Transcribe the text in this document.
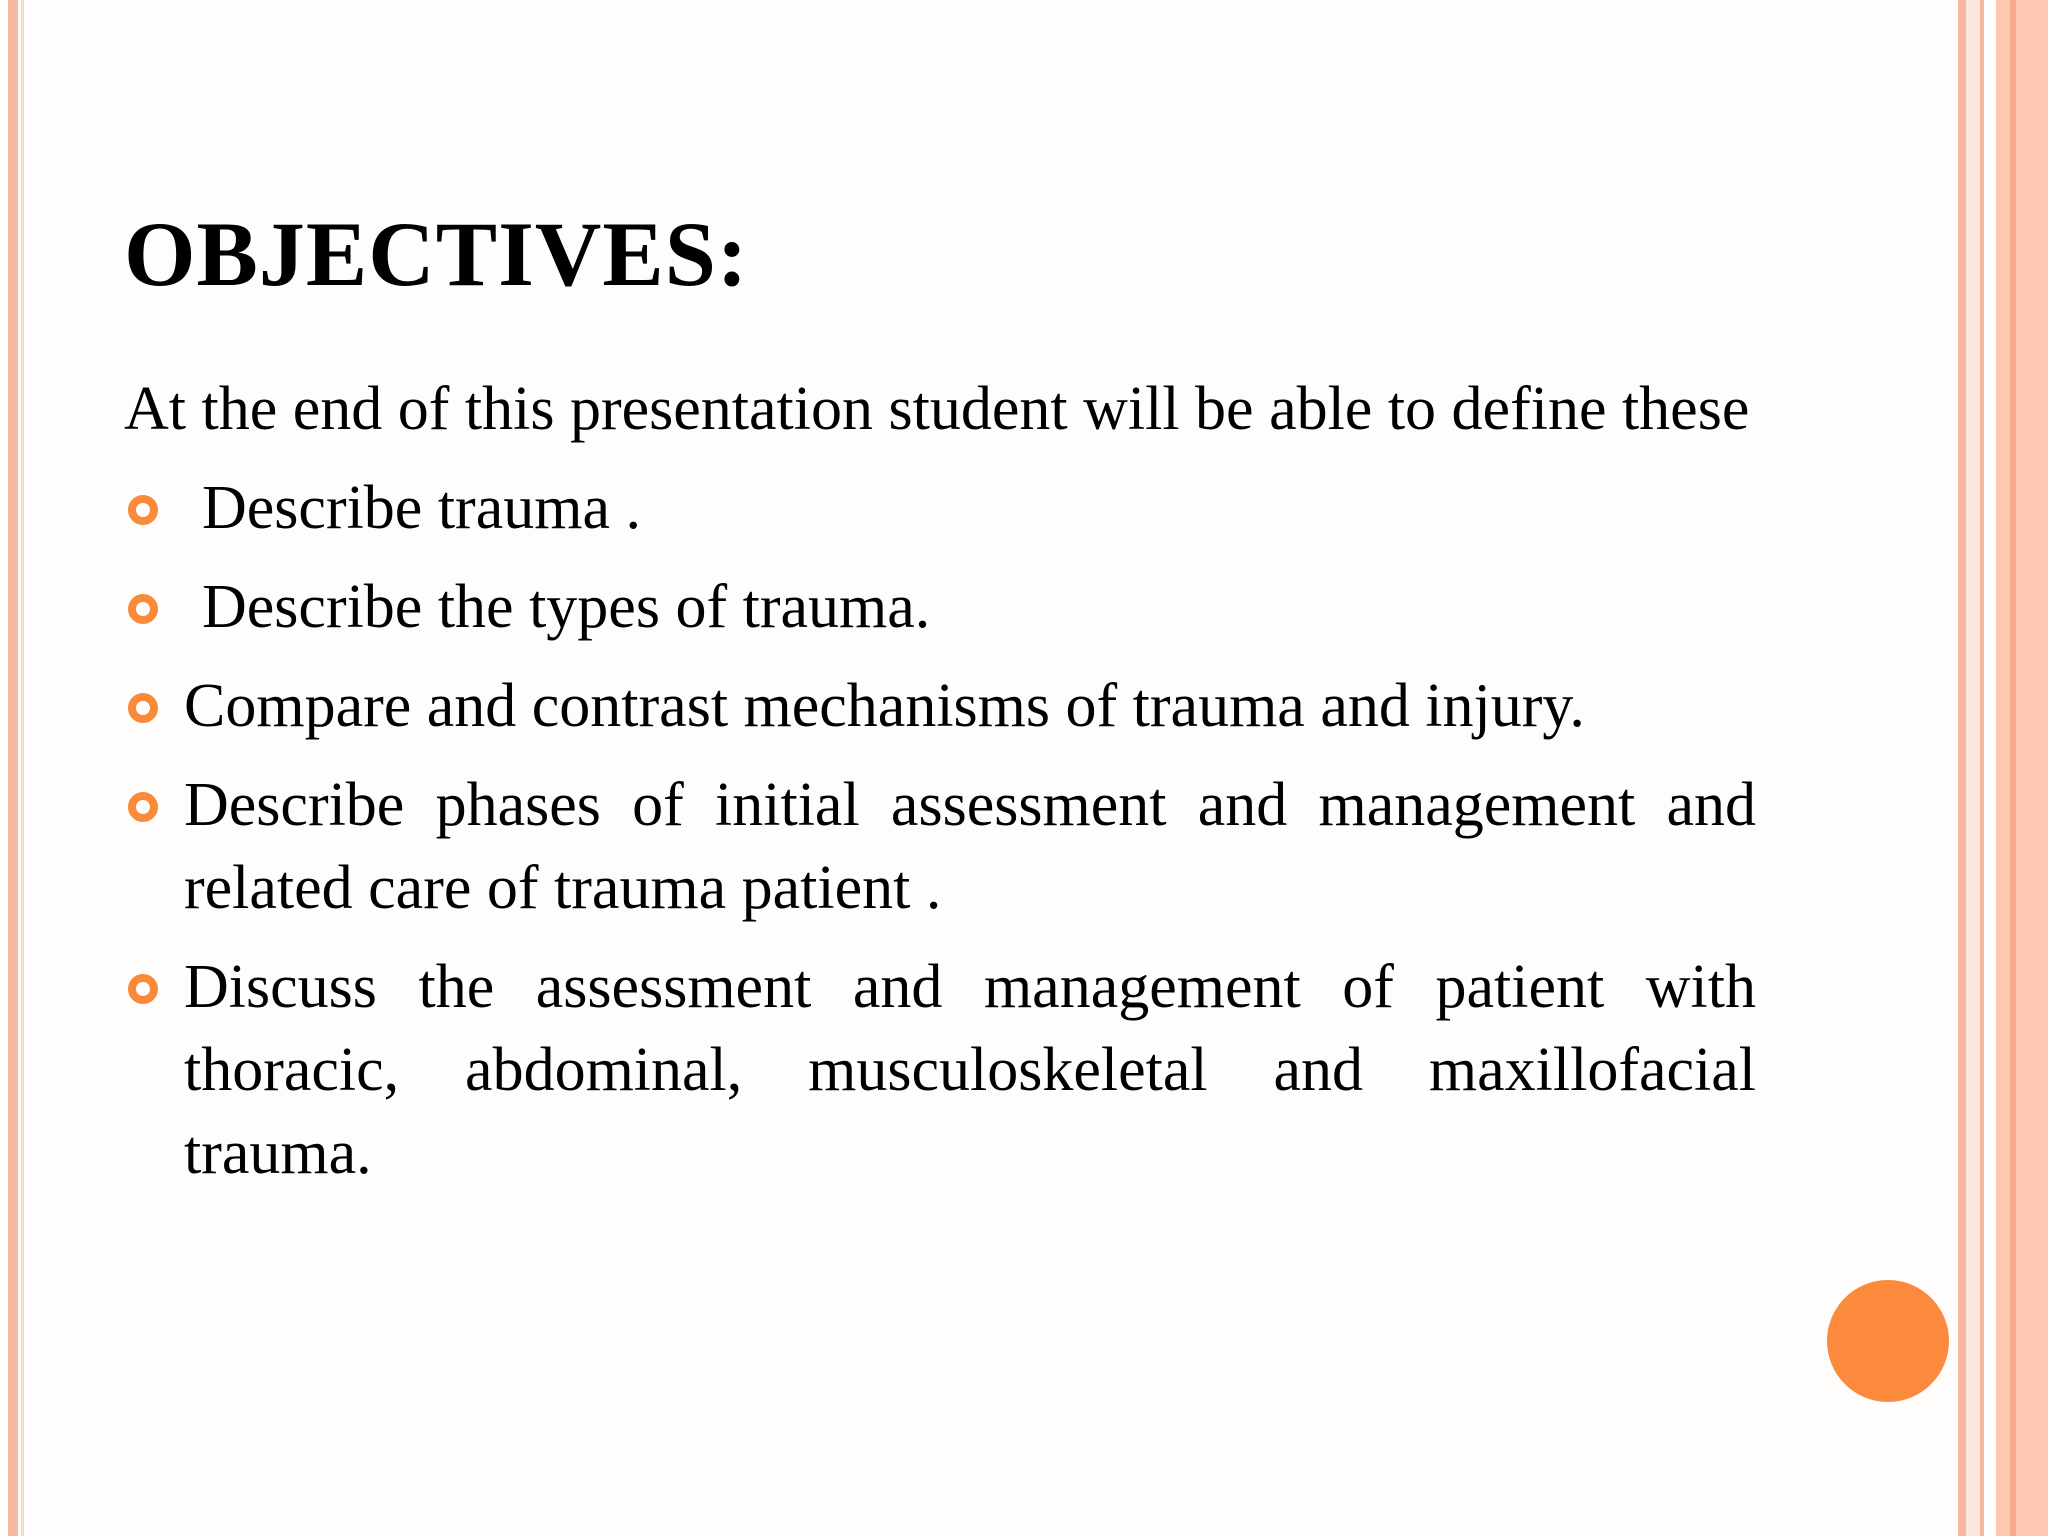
OBJECTIVES:

At the end of this presentation student will be able to define these

Describe trauma .
Describe the types of trauma.
Compare and contrast mechanisms of trauma and injury.
Describe phases of initial assessment and management and related care of trauma patient .
Discuss the assessment and management of patient with thoracic, abdominal, musculoskeletal and maxillofacial trauma.
